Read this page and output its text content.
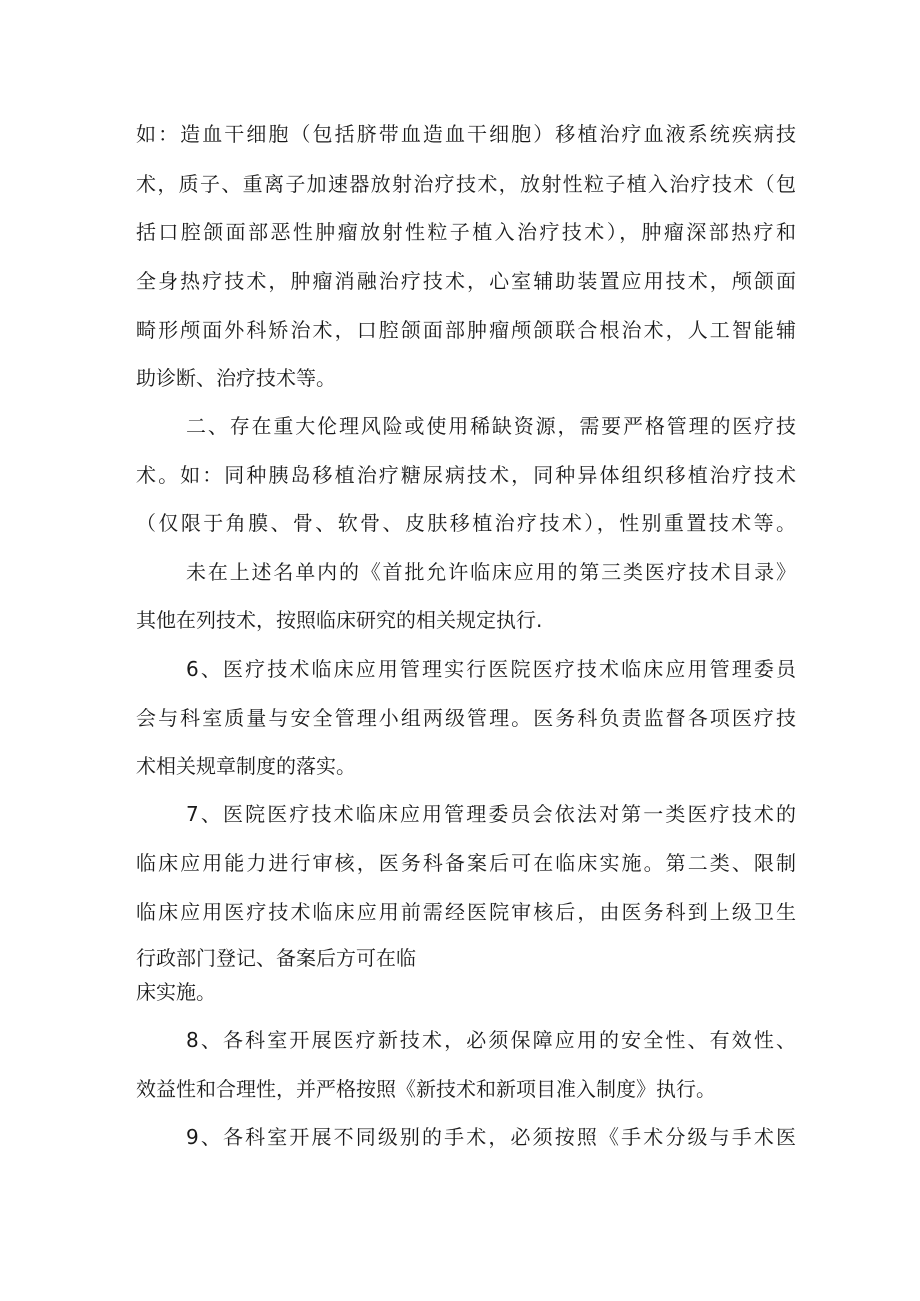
如：造血干细胞（包括脐带血造血干细胞）移植治疗血液系统疾病技
术，质子、重离子加速器放射治疗技术，放射性粒子植入治疗技术（包
括口腔颌面部恶性肿瘤放射性粒子植入治疗技术），肿瘤深部热疗和
全身热疗技术，肿瘤消融治疗技术，心室辅助装置应用技术，颅颌面
畸形颅面外科矫治术，口腔颌面部肿瘤颅颌联合根治术，人工智能辅
助诊断、治疗技术等。
二、存在重大伦理风险或使用稀缺资源，需要严格管理的医疗技
术。如：同种胰岛移植治疗糖尿病技术，同种异体组织移植治疗技术
（仅限于角膜、骨、软骨、皮肤移植治疗技术），性别重置技术等。
未在上述名单内的《首批允许临床应用的第三类医疗技术目录》
其他在列技术，按照临床研究的相关规定执行.
6、医疗技术临床应用管理实行医院医疗技术临床应用管理委员
会与科室质量与安全管理小组两级管理。医务科负责监督各项医疗技
术相关规章制度的落实。
7、医院医疗技术临床应用管理委员会依法对第一类医疗技术的
临床应用能力进行审核，医务科备案后可在临床实施。第二类、限制
临床应用医疗技术临床应用前需经医院审核后，由医务科到上级卫生
行政部门登记、备案后方可在临
床实施。
8、各科室开展医疗新技术，必须保障应用的安全性、有效性、
效益性和合理性，并严格按照《新技术和新项目准入制度》执行。
9、各科室开展不同级别的手术，必须按照《手术分级与手术医
